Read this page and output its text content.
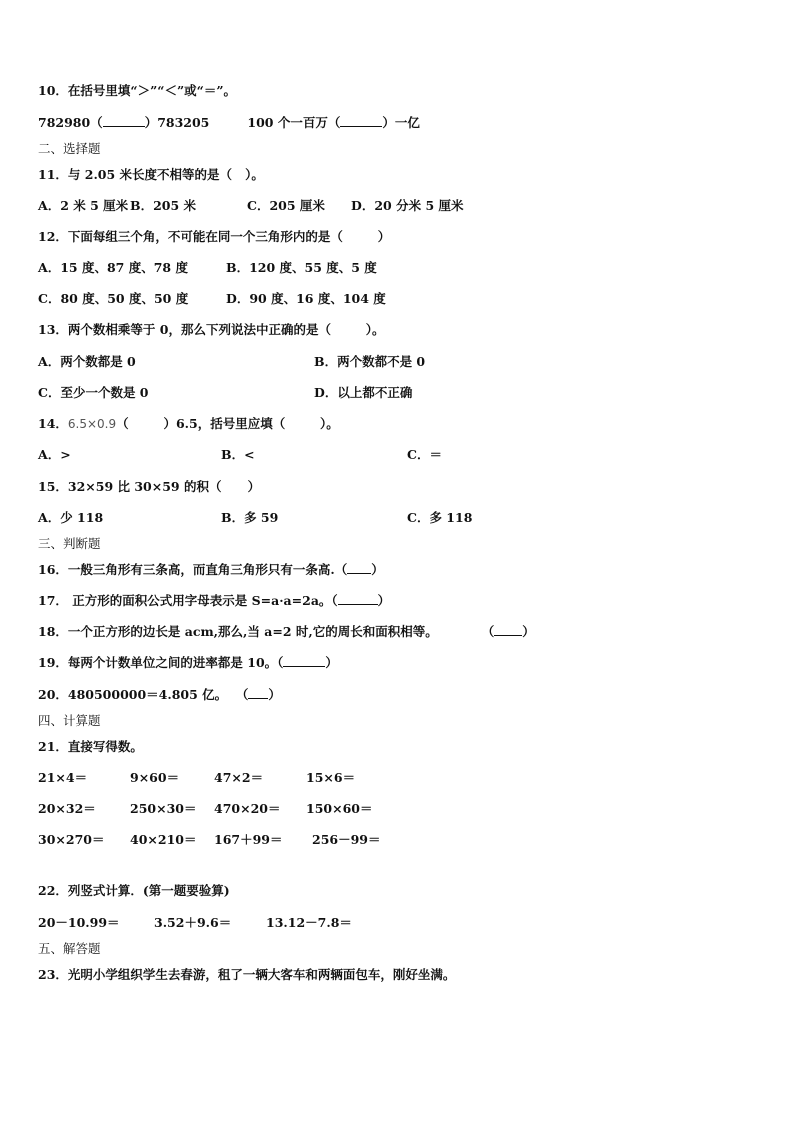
10．在括号里填“＞”“＜”或“＝”。
782980（	）783205	100 个一百万（	）一亿
二、选择题
11．与 2.05 米长度不相等的是（   ）。
A．2 米 5 厘米 B．205 米	C．205 厘米 D．20 分米 5 厘米
12．下面每组三个角，不可能在同一个三角形内的是（        ）
A．15 度、87 度、78 度	B．120 度、55 度、5 度
C．80 度、50 度、50 度	D．90 度、16 度、104 度
13．两个数相乘等于 0，那么下列说法中正确的是（        ）。
A．两个数都是 0	B．两个数都不是 0
C．至少一个数是 0	D．以上都不正确
14．6.5×0.9（        ）6.5，括号里应填（        ）。
A．>	B．<	C．＝
15．32×59 比 30×59 的积（      ）
A．少 118	B．多 59	C．多 118
三、判断题
16．一般三角形有三条高，而直角三角形只有一条高.（ ）
17． 正方形的面积公式用字母表示是 S=a·a=2a。（	）
18．一个正方形的边长是 acm,那么,当 a=2 时,它的周长和面积相等。	（ ）
19．每两个计数单位之间的进率都是 10。（	）
20．480500000＝4.805 亿。  （ ）
四、计算题
21．直接写得数。
21×4＝	9×60＝	47×2＝	15×6＝
20×32＝	250×30＝ 470×20＝ 150×60＝
30×270＝ 40×210＝ 167＋99＝ 256－99＝
22．列竖式计算．(第一题要验算)
20－10.99＝	3.52＋9.6＝	13.12－7.8＝
五、解答题
23．光明小学组织学生去春游，租了一辆大客车和两辆面包车，刚好坐满。
